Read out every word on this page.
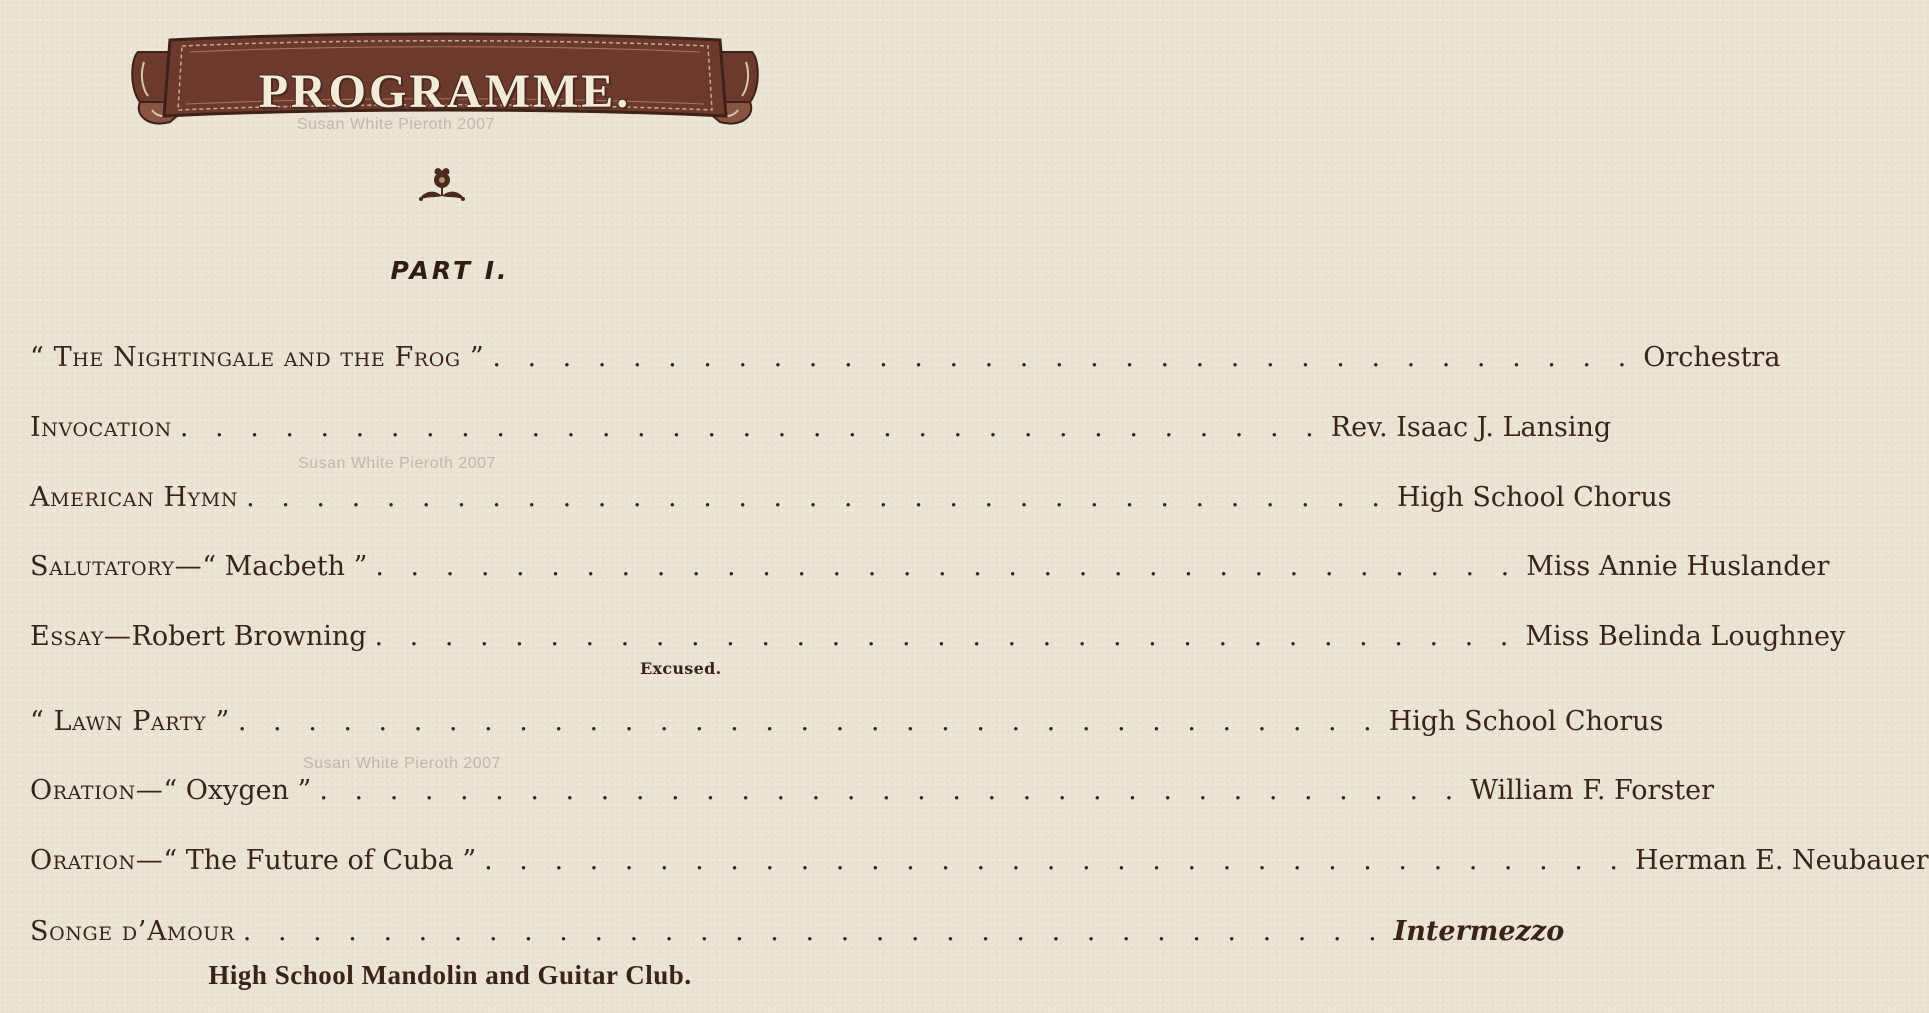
PROGRAMME.
Susan White Pieroth 2007
Susan White Pieroth 2007
Susan White Pieroth 2007
PART I.
“ The Nightingale and the Frog ” . . . . . . . . . . . . . . . . . . . . . . . . . . . . . . . . . Orchestra
Invocation . . . . . . . . . . . . . . . . . . . . . . . . . . . . . . . . . Rev. Isaac J. Lansing
American Hymn . . . . . . . . . . . . . . . . . . . . . . . . . . . . . . . . . High School Chorus
Salutatory—“ Macbeth ” . . . . . . . . . . . . . . . . . . . . . . . . . . . . . . . . . Miss Annie Huslander
Essay—Robert Browning . . . . . . . . . . . . . . . . . . . . . . . . . . . . . . . . . Miss Belinda Loughney
Excused.
“ Lawn Party ” . . . . . . . . . . . . . . . . . . . . . . . . . . . . . . . . . High School Chorus
Oration—“ Oxygen ” . . . . . . . . . . . . . . . . . . . . . . . . . . . . . . . . . William F. Forster
Oration—“ The Future of Cuba ” . . . . . . . . . . . . . . . . . . . . . . . . . . . . . . . . . Herman E. Neubauer
Songe d’Amour . . . . . . . . . . . . . . . . . . . . . . . . . . . . . . . . . Intermezzo
High School Mandolin and Guitar Club.
